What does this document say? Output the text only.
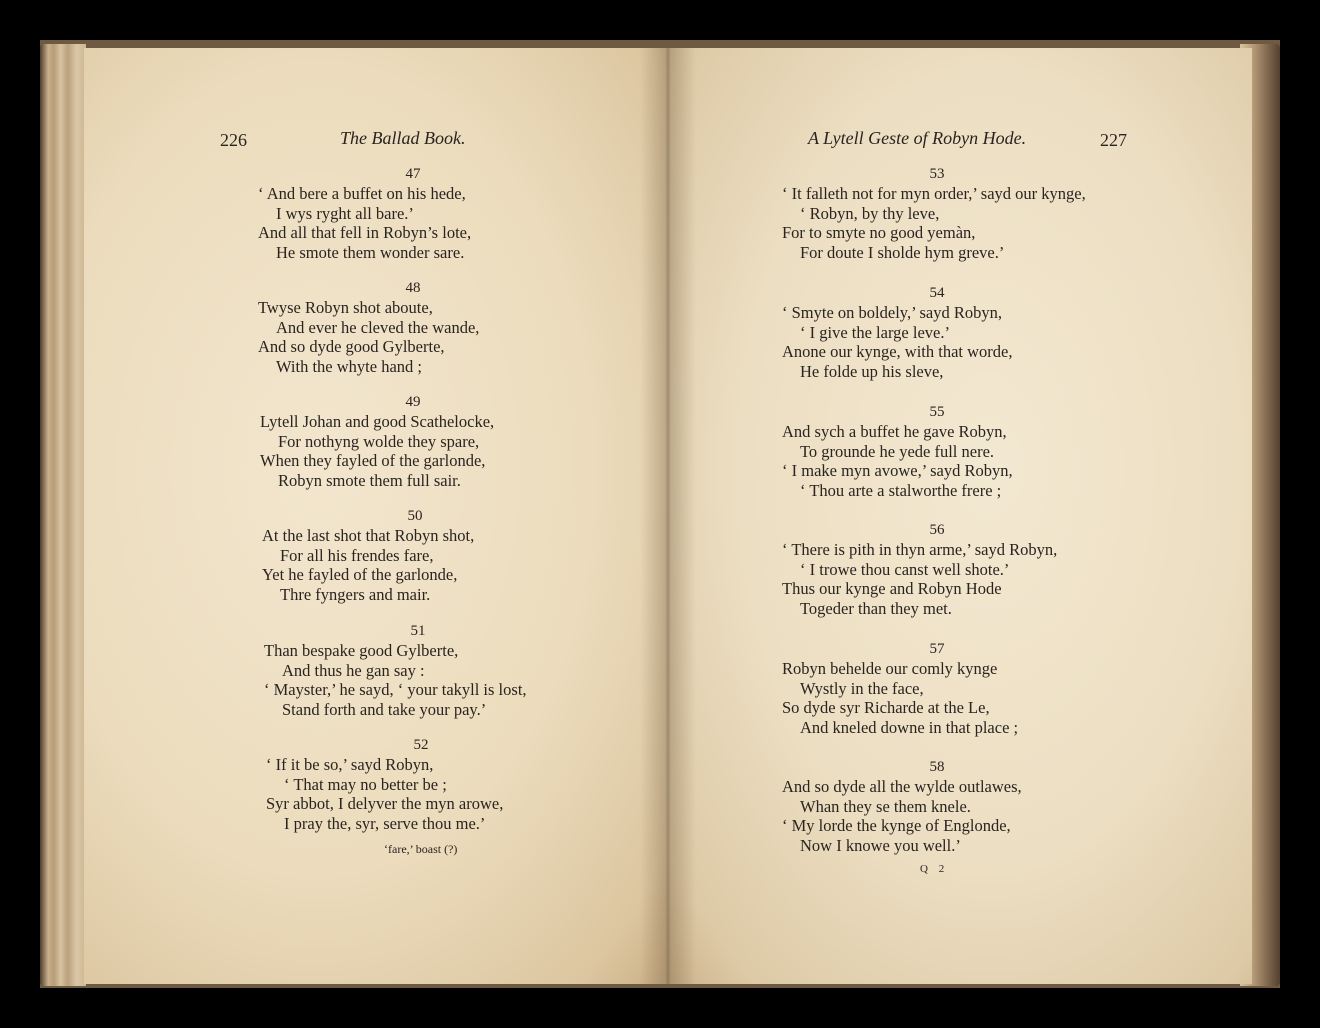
226	The Ballad Book.	A Lytell Geste of Robyn Hode.	227
47
‘ And bere a buffet on his hede,
I wys ryght all bare.’
And all that fell in Robyn’s lote,
He smote them wonder sare.
48
Twyse Robyn shot aboute,
And ever he cleved the wande,
And so dyde good Gylberte,
With the whyte hand ;
49
Lytell Johan and good Scathelocke,
For nothyng wolde they spare,
When they fayled of the garlonde,
Robyn smote them full sair.
50
At the last shot that Robyn shot,
For all his frendes fare,
Yet he fayled of the garlonde,
Thre fyngers and mair.
51
Than bespake good Gylberte,
And thus he gan say :
‘ Mayster,’ he sayd, ‘ your takyll is lost,
Stand forth and take your pay.’
52
‘ If it be so,’ sayd Robyn,
‘ That may no better be ;
Syr abbot, I delyver the myn arowe,
I pray the, syr, serve thou me.’
‘fare,’ boast (?)
53
‘ It falleth not for myn order,’ sayd our kynge,
‘ Robyn, by thy leve,
For to smyte no good yemàn,
For doute I sholde hym greve.’
54
‘ Smyte on boldely,’ sayd Robyn,
‘ I give the large leve.’
Anone our kynge, with that worde,
He folde up his sleve,
55
And sych a buffet he gave Robyn,
To grounde he yede full nere.
‘ I make myn avowe,’ sayd Robyn,
‘ Thou arte a stalworthe frere ;
56
‘ There is pith in thyn arme,’ sayd Robyn,
‘ I trowe thou canst well shote.’
Thus our kynge and Robyn Hode
Togeder than they met.
57
Robyn behelde our comly kynge
Wystly in the face,
So dyde syr Richarde at the Le,
And kneled downe in that place ;
58
And so dyde all the wylde outlawes,
Whan they se them knele.
‘ My lorde the kynge of Englonde,
Now I knowe you well.’
Q 2
